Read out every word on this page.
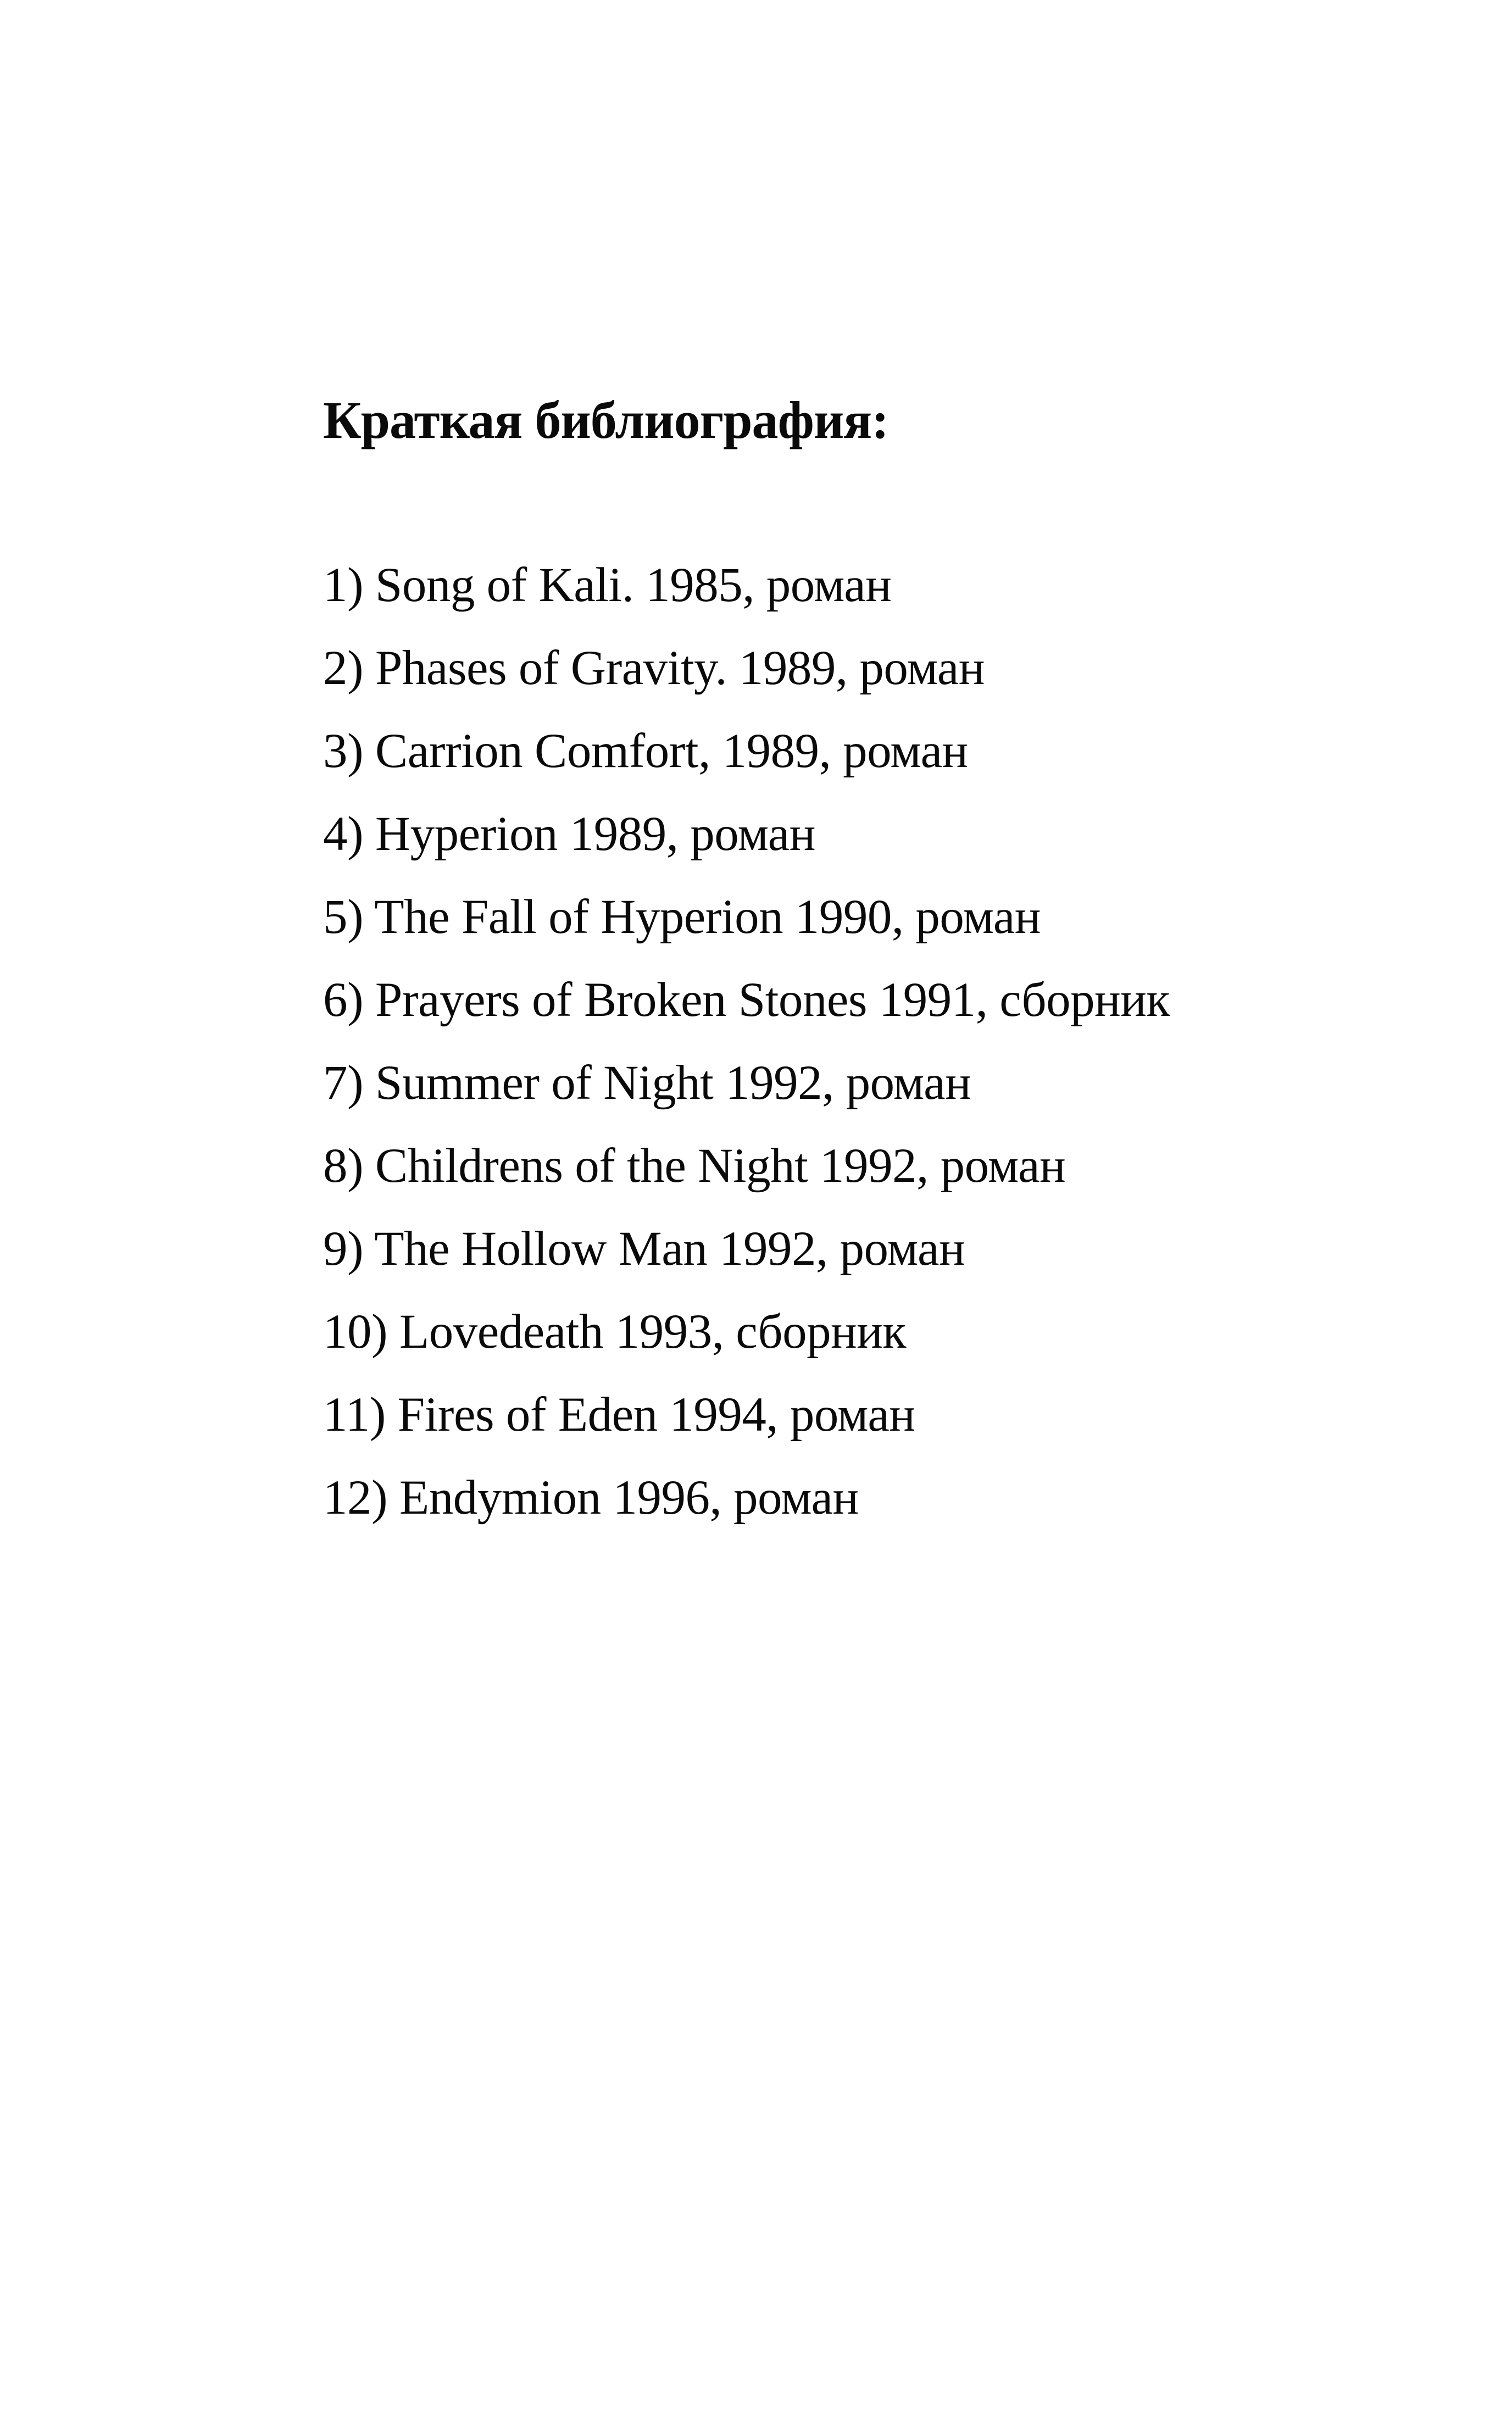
Краткая библиография:
1) Song of Kali. 1985, роман
2) Phases of Gravity. 1989, роман
3) Carrion Comfort, 1989, роман
4) Hyperion 1989, роман
5) The Fall of Hyperion 1990, роман
6) Prayers of Broken Stones 1991, сборник
7) Summer of Night 1992, роман
8) Childrens of the Night 1992, роман
9) The Hollow Man 1992, роман
10) Lovedeath 1993, сборник
11) Fires of Eden 1994, роман
12) Endymion 1996, роман
